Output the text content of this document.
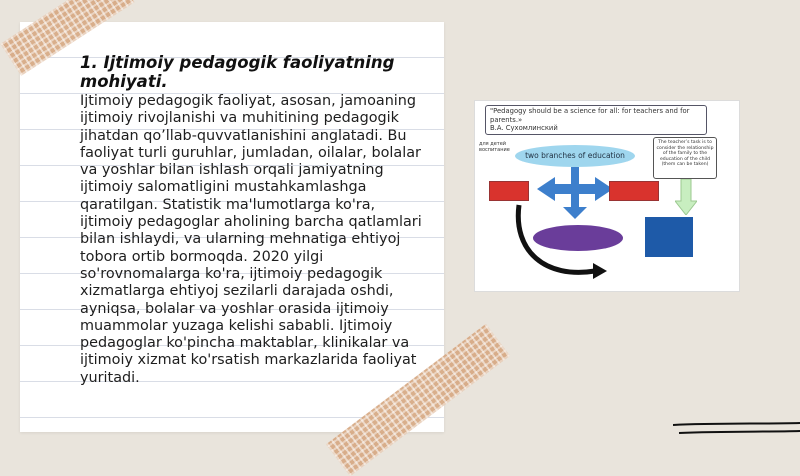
1. Ijtimoiy pedagogik faoliyatning mohiyati.

Ijtimoiy pedagogik faoliyat, asosan, jamoaning ijtimoiy rivojlanishi va muhitining pedagogik jihatdan qo’llab-quvvatlanishini anglatadi. Bu faoliyat turli guruhlar, jumladan, oilalar, bolalar va yoshlar bilan ishlash orqali jamiyatning ijtimoiy salomatligini mustahkamlashga qaratilgan. Statistik ma'lumotlarga ko'ra, ijtimoiy pedagoglar aholining barcha qatlamlari bilan ishlaydi, va ularning mehnatiga ehtiyoj tobora ortib bormoqda. 2020 yilgi so'rovnomalarga ko'ra, ijtimoiy pedagogik xizmatlarga ehtiyoj sezilarli darajada oshdi, ayniqsa, bolalar va yoshlar orasida ijtimoiy muammolar yuzaga kelishi sababli. Ijtimoiy pedagoglar ko'pincha maktablar, klinikalar va ijtimoiy xizmat ko'rsatish markazlarida faoliyat yuritadi.

"Pedagogy should be a science for all: for teachers and for parents.»
В.А. Сухомлинский
для детей воспитание
two branches of education
The teacher’s task is to consider the relationship of the family to the education of the child (them can be taken)
